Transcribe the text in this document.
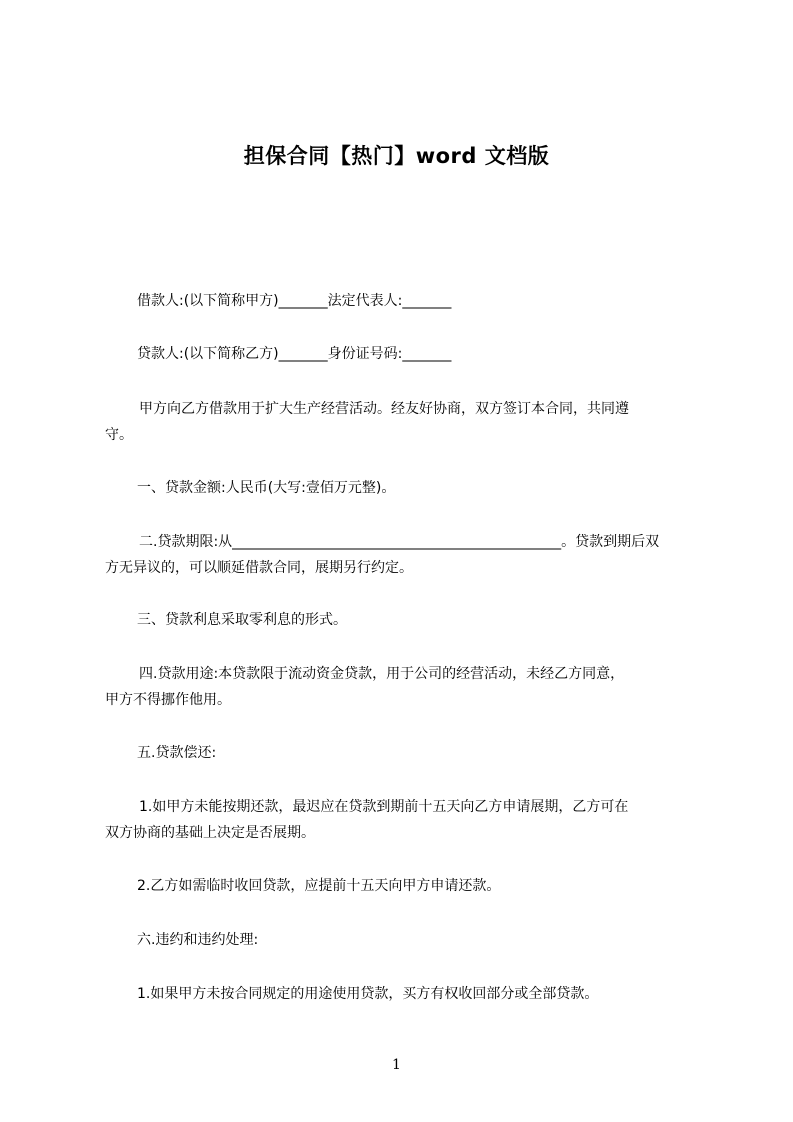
担保合同【热门】word 文档版
借款人:(以下简称甲方)_______法定代表人:_______
贷款人:(以下简称乙方)_______身份证号码:_______
甲方向乙方借款用于扩大生产经营活动。经友好协商，双方签订本合同，共同遵
守。
一、贷款金额:人民币(大写:壹佰万元整)。
二.贷款期限:从_______________________________________________。贷款到期后双
方无异议的，可以顺延借款合同，展期另行约定。
三、贷款利息采取零利息的形式。
四.贷款用途:本贷款限于流动资金贷款，用于公司的经营活动，未经乙方同意，
甲方不得挪作他用。
五.贷款偿还:
1.如甲方未能按期还款，最迟应在贷款到期前十五天向乙方申请展期，乙方可在
双方协商的基础上决定是否展期。
2.乙方如需临时收回贷款，应提前十五天向甲方申请还款。
六.违约和违约处理:
1.如果甲方未按合同规定的用途使用贷款，买方有权收回部分或全部贷款。
1
